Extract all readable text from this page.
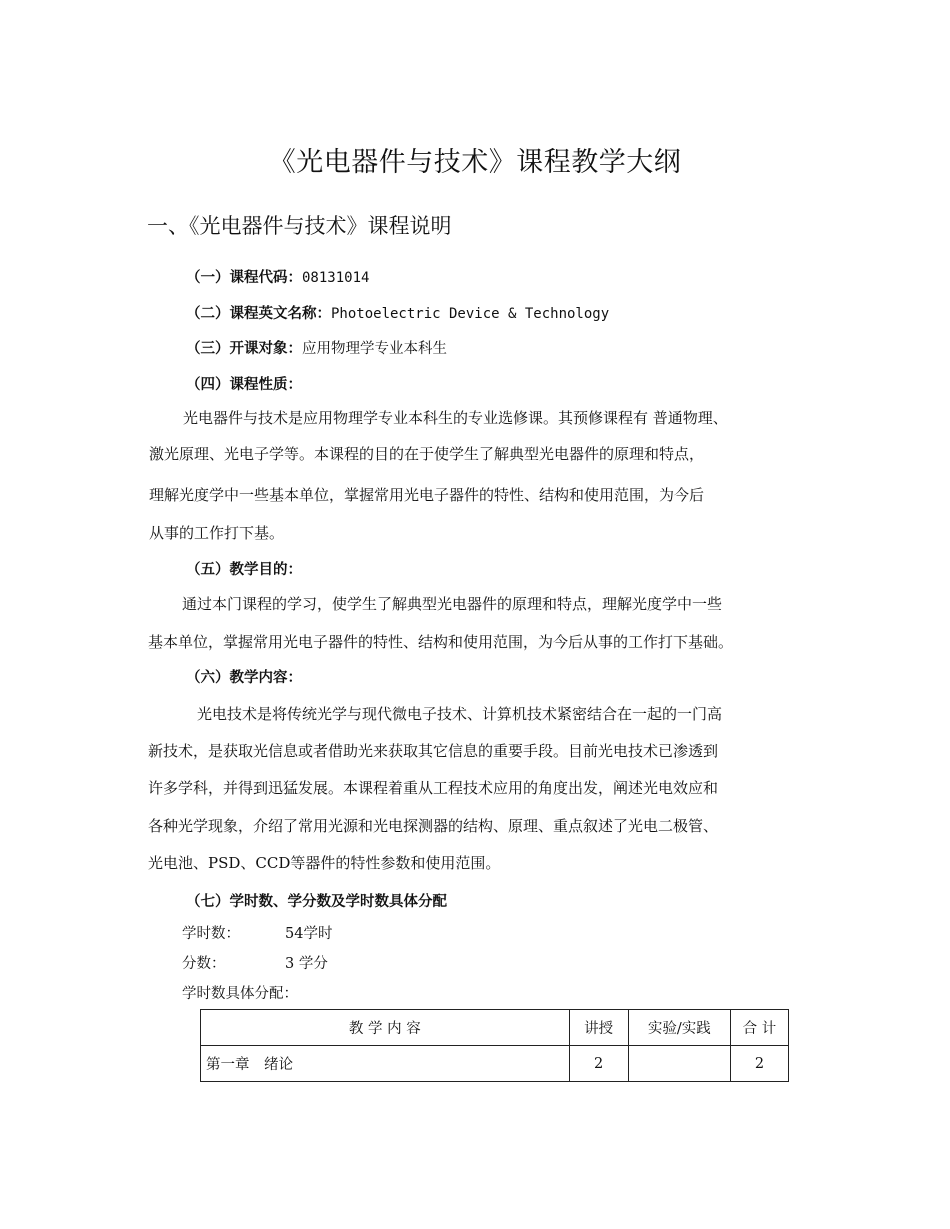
《光电器件与技术》课程教学大纲
一、《光电器件与技术》课程说明
（一）课程代码：08131014
（二）课程英文名称：Photoelectric Device & Technology
（三）开课对象：应用物理学专业本科生
（四）课程性质：
光电器件与技术是应用物理学专业本科生的专业选修课。其预修课程有 普通物理、
激光原理、光电子学等。本课程的目的在于使学生了解典型光电器件的原理和特点，
理解光度学中一些基本单位，掌握常用光电子器件的特性、结构和使用范围，为今后
从事的工作打下基。
（五）教学目的：
通过本门课程的学习，使学生了解典型光电器件的原理和特点，理解光度学中一些
基本单位，掌握常用光电子器件的特性、结构和使用范围，为今后从事的工作打下基础。
（六）教学内容：
光电技术是将传统光学与现代微电子技术、计算机技术紧密结合在一起的一门高
新技术，是获取光信息或者借助光来获取其它信息的重要手段。目前光电技术已渗透到
许多学科，并得到迅猛发展。本课程着重从工程技术应用的角度出发，阐述光电效应和
各种光学现象，介绍了常用光源和光电探测器的结构、原理、重点叙述了光电二极管、
光电池、PSD、CCD等器件的特性参数和使用范围。
（七）学时数、学分数及学时数具体分配
学时数：	54学时
分数：	3 学分
学时数具体分配：
教 学 内 容	讲授	实验/实践	合 计
第一章　绪论	2		2
